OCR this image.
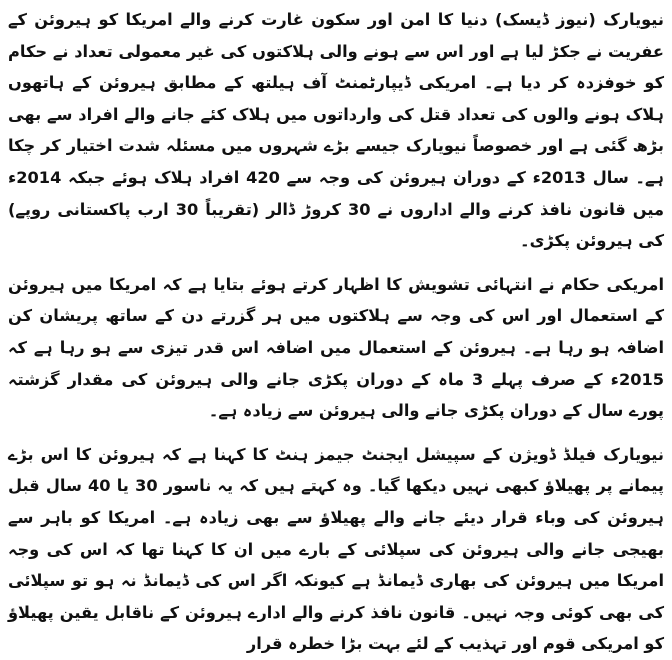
نیویارک (نیوز ڈیسک) دنیا کا امن اور سکون غارت کرنے والے امریکا کو ہیروئن کے عفریت نے جکڑ لیا ہے اور اس سے ہونے والی ہلاکتوں کی غیر معمولی تعداد نے حکام کو خوفزدہ کر دیا ہے۔ امریکی ڈیپارٹمنٹ آف ہیلتھ کے مطابق ہیروئن کے ہاتھوں ہلاک ہونے والوں کی تعداد قتل کی وارداتوں میں ہلاک کئے جانے والے افراد سے بھی بڑھ گئی ہے اور خصوصاً نیویارک جیسے بڑے شہروں میں مسئلہ شدت اختیار کر چکا ہے۔ سال 2013ء کے دوران ہیروئن کی وجہ سے 420 افراد ہلاک ہوئے جبکہ 2014ء میں قانون نافذ کرنے والے اداروں نے 30 کروڑ ڈالر (تقریباً 30 ارب پاکستانی روپے) کی ہیروئن پکڑی۔

امریکی حکام نے انتہائی تشویش کا اظہار کرتے ہوئے بتایا ہے کہ امریکا میں ہیروئن کے استعمال اور اس کی وجہ سے ہلاکتوں میں ہر گزرتے دن کے ساتھ پریشان کن اضافہ ہو رہا ہے۔ ہیروئن کے استعمال میں اضافہ اس قدر تیزی سے ہو رہا ہے کہ 2015ء کے صرف پہلے 3 ماہ کے دوران پکڑی جانے والی ہیروئن کی مقدار گزشتہ پورے سال کے دوران پکڑی جانے والی ہیروئن سے زیادہ ہے۔

نیویارک فیلڈ ڈویژن کے سپیشل ایجنٹ جیمز ہنٹ کا کہنا ہے کہ ہیروئن کا اس بڑے پیمانے پر پھیلاؤ کبھی نہیں دیکھا گیا۔ وہ کہتے ہیں کہ یہ ناسور 30 یا 40 سال قبل ہیروئن کی وباء قرار دیئے جانے والے پھیلاؤ سے بھی زیادہ ہے۔ امریکا کو باہر سے بھیجی جانے والی ہیروئن کی سپلائی کے بارے میں ان کا کہنا تھا کہ اس کی وجہ امریکا میں ہیروئن کی بھاری ڈیمانڈ ہے کیونکہ اگر اس کی ڈیمانڈ نہ ہو تو سپلائی کی بھی کوئی وجہ نہیں۔ قانون نافذ کرنے والے ادارے ہیروئن کے ناقابل یقین پھیلاؤ کو امریکی قوم اور تہذیب کے لئے بہت بڑا خطرہ قرار
